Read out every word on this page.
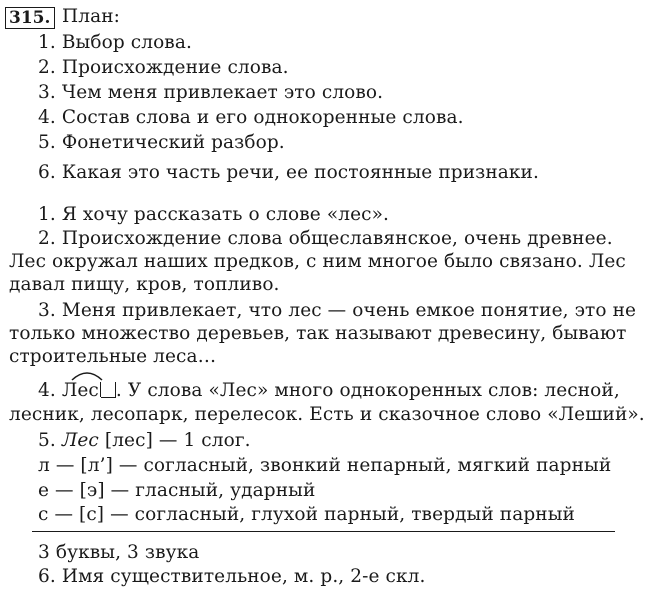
315. План:
1. Выбор слова.
2. Происхождение слова.
3. Чем меня привлекает это слово.
4. Состав слова и его однокоренные слова.
5. Фонетический разбор.
6. Какая это часть речи, ее постоянные признаки.
1. Я хочу рассказать о слове «лес».
2. Происхождение слова общеславянское, очень древнее.
Лес окружал наших предков, с ним многое было связано. Лес
давал пищу, кров, топливо.
3. Меня привлекает, что лес — очень емкое понятие, это не
только множество деревьев, так называют древесину, бывают
строительные леса…
4. Лес . У слова «Лес» много однокоренных слов: лесной,
лесник, лесопарк, перелесок. Есть и сказочное слово «Леший».
5. Лес [лес] — 1 слог.
л — [л’] — согласный, звонкий непарный, мягкий парный
е — [э] — гласный, ударный
с — [с] — согласный, глухой парный, твердый парный
3 буквы, 3 звука
6. Имя существительное, м. р., 2-е скл.
